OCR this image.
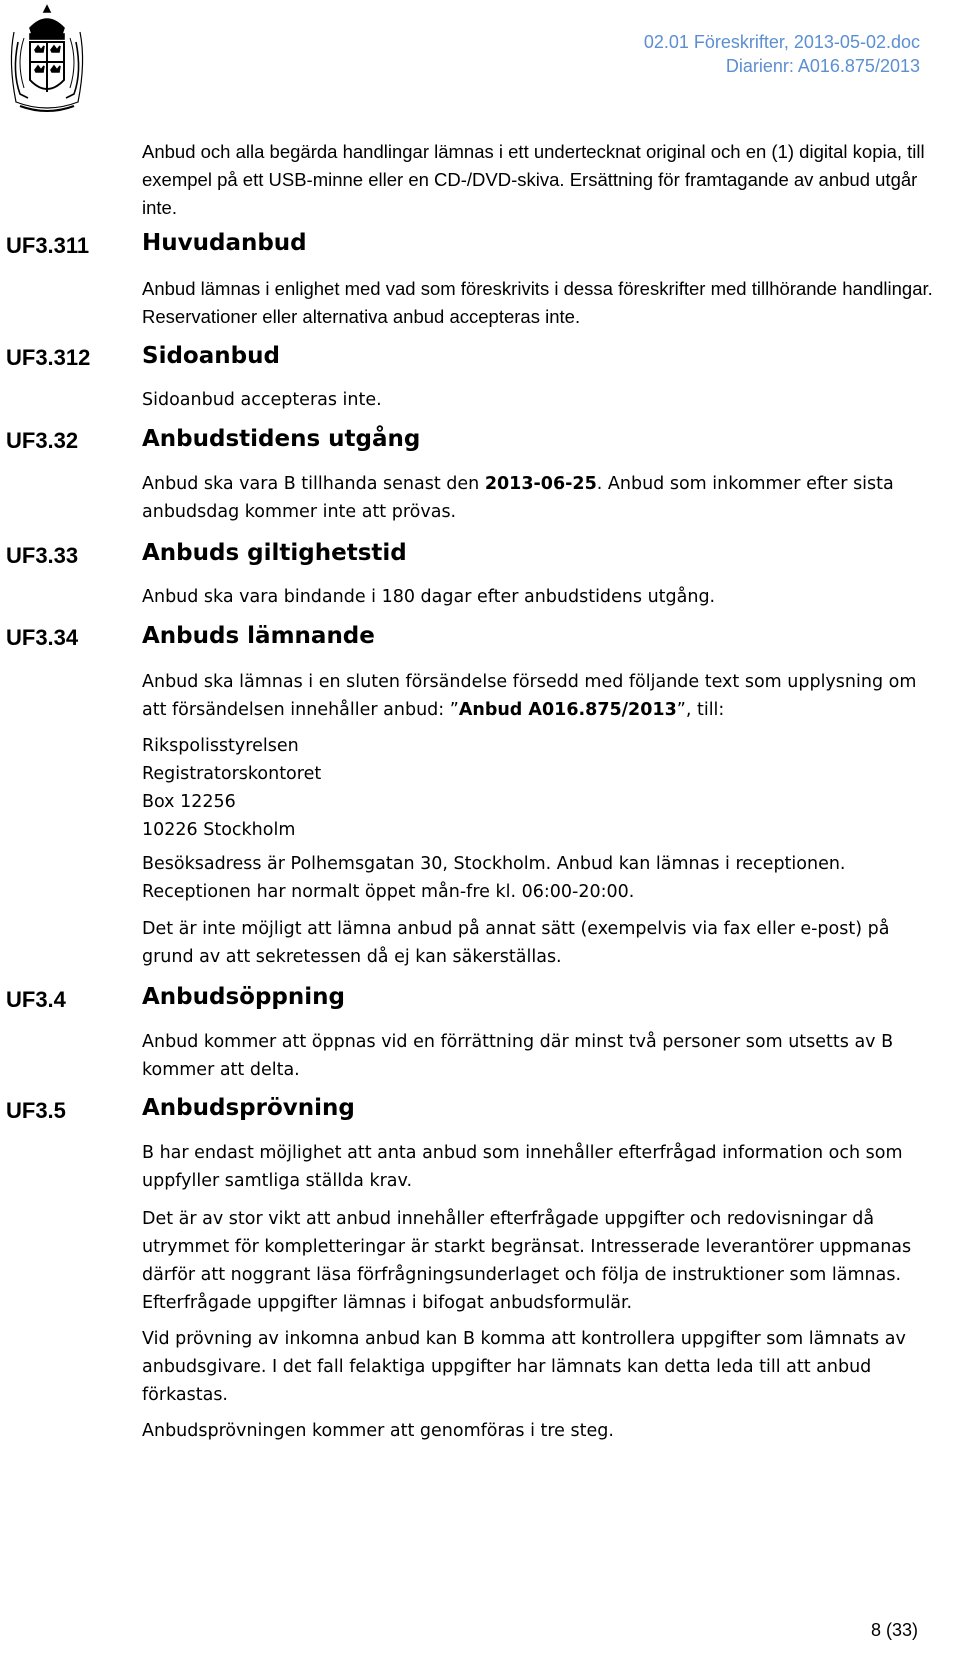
02.01 Föreskrifter, 2013-05-02.doc
Diarienr: A016.875/2013

Anbud och alla begärda handlingar lämnas i ett undertecknat original och en (1) digital kopia, till exempel på ett USB-minne eller en CD-/DVD-skiva. Ersättning för framtagande av anbud utgår inte.

UF3.311 Huvudanbud

Anbud lämnas i enlighet med vad som föreskrivits i dessa föreskrifter med tillhörande handlingar. Reservationer eller alternativa anbud accepteras inte.

UF3.312 Sidoanbud

Sidoanbud accepteras inte.

UF3.32	Anbudstidens utgång

Anbud ska vara B tillhanda senast den 2013-06-25. Anbud som inkommer efter sista anbudsdag kommer inte att prövas.

UF3.33	Anbuds giltighetstid

Anbud ska vara bindande i 180 dagar efter anbudstidens utgång.

UF3.34	Anbuds lämnande

Anbud ska lämnas i en sluten försändelse försedd med följande text som upplysning om att försändelsen innehåller anbud: ”Anbud A016.875/2013”, till:

Rikspolisstyrelsen
Registratorskontoret
Box 12256
10226 Stockholm

Besöksadress är Polhemsgatan 30, Stockholm. Anbud kan lämnas i receptionen. Receptionen har normalt öppet mån-fre kl. 06:00-20:00.

Det är inte möjligt att lämna anbud på annat sätt (exempelvis via fax eller e-post) på grund av att sekretessen då ej kan säkerställas.

UF3.4	Anbudsöppning

Anbud kommer att öppnas vid en förrättning där minst två personer som utsetts av B kommer att delta.

UF3.5	Anbudsprövning

B har endast möjlighet att anta anbud som innehåller efterfrågad information och som uppfyller samtliga ställda krav.

Det är av stor vikt att anbud innehåller efterfrågade uppgifter och redovisningar då utrymmet för kompletteringar är starkt begränsat. Intresserade leverantörer uppmanas därför att noggrant läsa förfrågningsunderlaget och följa de instruktioner som lämnas. Efterfrågade uppgifter lämnas i bifogat anbudsformulär.

Vid prövning av inkomna anbud kan B komma att kontrollera uppgifter som lämnats av anbudsgivare. I det fall felaktiga uppgifter har lämnats kan detta leda till att anbud förkastas.

Anbudsprövningen kommer att genomföras i tre steg.

8 (33)
